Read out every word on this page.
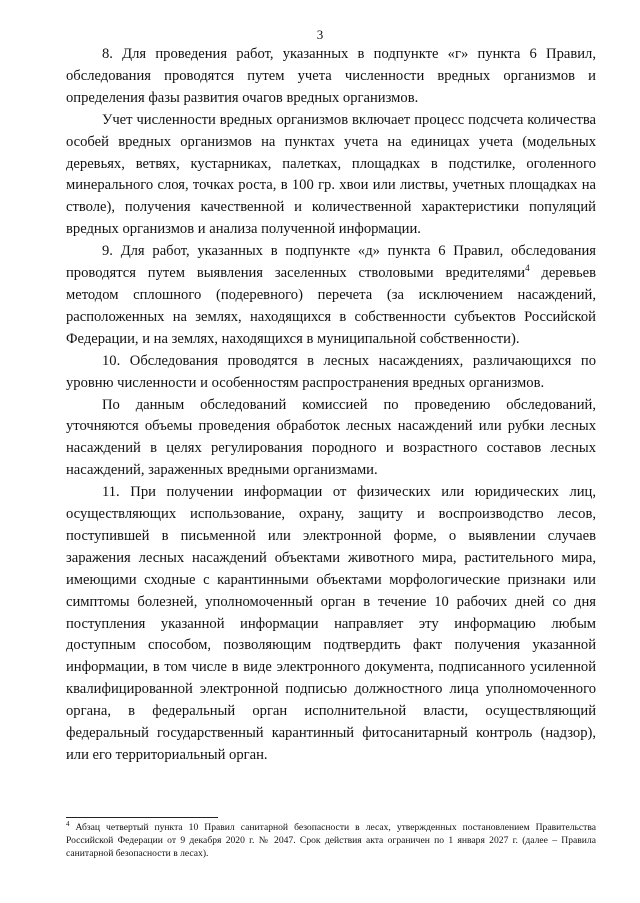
3

8. Для проведения работ, указанных в подпункте «г» пункта 6 Правил, обследования проводятся путем учета численности вредных организмов и определения фазы развития очагов вредных организмов.

Учет численности вредных организмов включает процесс подсчета количества особей вредных организмов на пунктах учета на единицах учета (модельных деревьях, ветвях, кустарниках, палетках, площадках в подстилке, оголенного минерального слоя, точках роста, в 100 гр. хвои или листвы, учетных площадках на стволе), получения качественной и количественной характеристики популяций вредных организмов и анализа полученной информации.

9. Для работ, указанных в подпункте «д» пункта 6 Правил, обследования проводятся путем выявления заселенных стволовыми вредителями$^4$ деревьев методом сплошного (подеревного) перечета (за исключением насаждений, расположенных на землях, находящихся в собственности субъектов Российской Федерации, и на землях, находящихся в муниципальной собственности).

10. Обследования проводятся в лесных насаждениях, различающихся по уровню численности и особенностям распространения вредных организмов.

По данным обследований комиссией по проведению обследований, уточняются объемы проведения обработок лесных насаждений или рубки лесных насаждений в целях регулирования породного и возрастного составов лесных насаждений, зараженных вредными организмами.

11. При получении информации от физических или юридических лиц, осуществляющих использование, охрану, защиту и воспроизводство лесов, поступившей в письменной или электронной форме, о выявлении случаев заражения лесных насаждений объектами животного мира, растительного мира, имеющими сходные с карантинными объектами морфологические признаки или симптомы болезней, уполномоченный орган в течение 10 рабочих дней со дня поступления указанной информации направляет эту информацию любым доступным способом, позволяющим подтвердить факт получения указанной информации, в том числе в виде электронного документа, подписанного усиленной квалифицированной электронной подписью должностного лица уполномоченного органа, в федеральный орган исполнительной власти, осуществляющий федеральный государственный карантинный фитосанитарный контроль (надзор), или его территориальный орган.

$^4$ Абзац четвертый пункта 10 Правил санитарной безопасности в лесах, утвержденных постановлением Правительства Российской Федерации от 9 декабря 2020 г. № 2047. Срок действия акта ограничен по 1 января 2027 г. (далее – Правила санитарной безопасности в лесах).
